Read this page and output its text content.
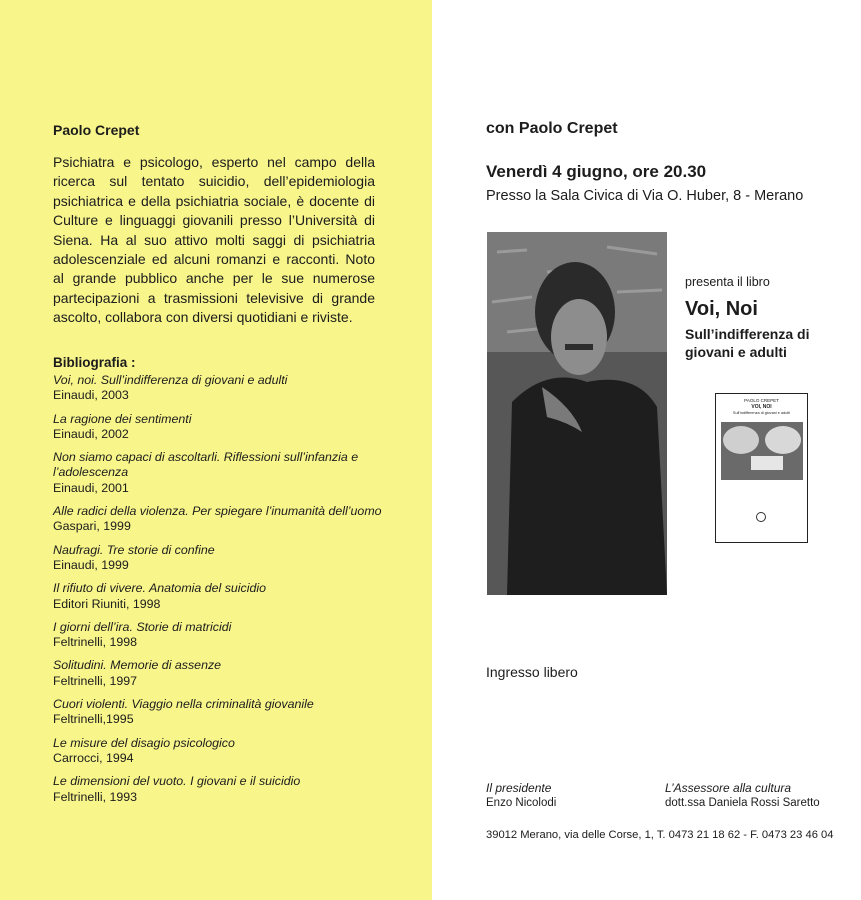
Paolo Crepet
Psichiatra e psicologo, esperto nel campo della ricerca sul tentato suicidio, dell’epidemiologia psichiatrica e della psichiatria sociale, è docente di Culture e linguaggi giovanili presso l’Università di Siena. Ha al suo attivo molti saggi di psichiatria adolescenziale ed alcuni romanzi e racconti. Noto al grande pubblico anche per le sue numerose partecipazioni a trasmissioni televisive di grande ascolto, collabora con diversi quotidiani e riviste.
Bibliografia :
Voi, noi. Sull’indifferenza di giovani e adulti
Einaudi, 2003
La ragione dei sentimenti
Einaudi, 2002
Non siamo capaci di ascoltarli. Riflessioni sull’infanzia e l’adolescenza
Einaudi, 2001
Alle radici della violenza. Per spiegare l’inumanità dell’uomo
Gaspari, 1999
Naufragi. Tre storie di confine
Einaudi, 1999
Il rifiuto di vivere. Anatomia del suicidio
Editori Riuniti, 1998
I giorni dell’ira. Storie di matricidi
Feltrinelli, 1998
Solitudini. Memorie di assenze
Feltrinelli, 1997
Cuori violenti. Viaggio nella criminalità giovanile
Feltrinelli,1995
Le misure del disagio psicologico
Carrocci, 1994
Le dimensioni del vuoto. I giovani e il suicidio
Feltrinelli, 1993
con Paolo Crepet
Venerdì 4 giugno, ore 20.30
Presso la Sala Civica di Via O. Huber, 8 - Merano
presenta il libro
Voi, Noi
Sull’indifferenza di giovani e adulti
PAOLO CREPET
VOI, NOI
Sull’indifferenza di giovani e adulti
Ingresso libero
Il presidente
Enzo Nicolodi
L’Assessore alla cultura
dott.ssa Daniela Rossi Saretto
39012 Merano, via delle Corse, 1, T. 0473 21 18 62 - F. 0473 23 46 04
